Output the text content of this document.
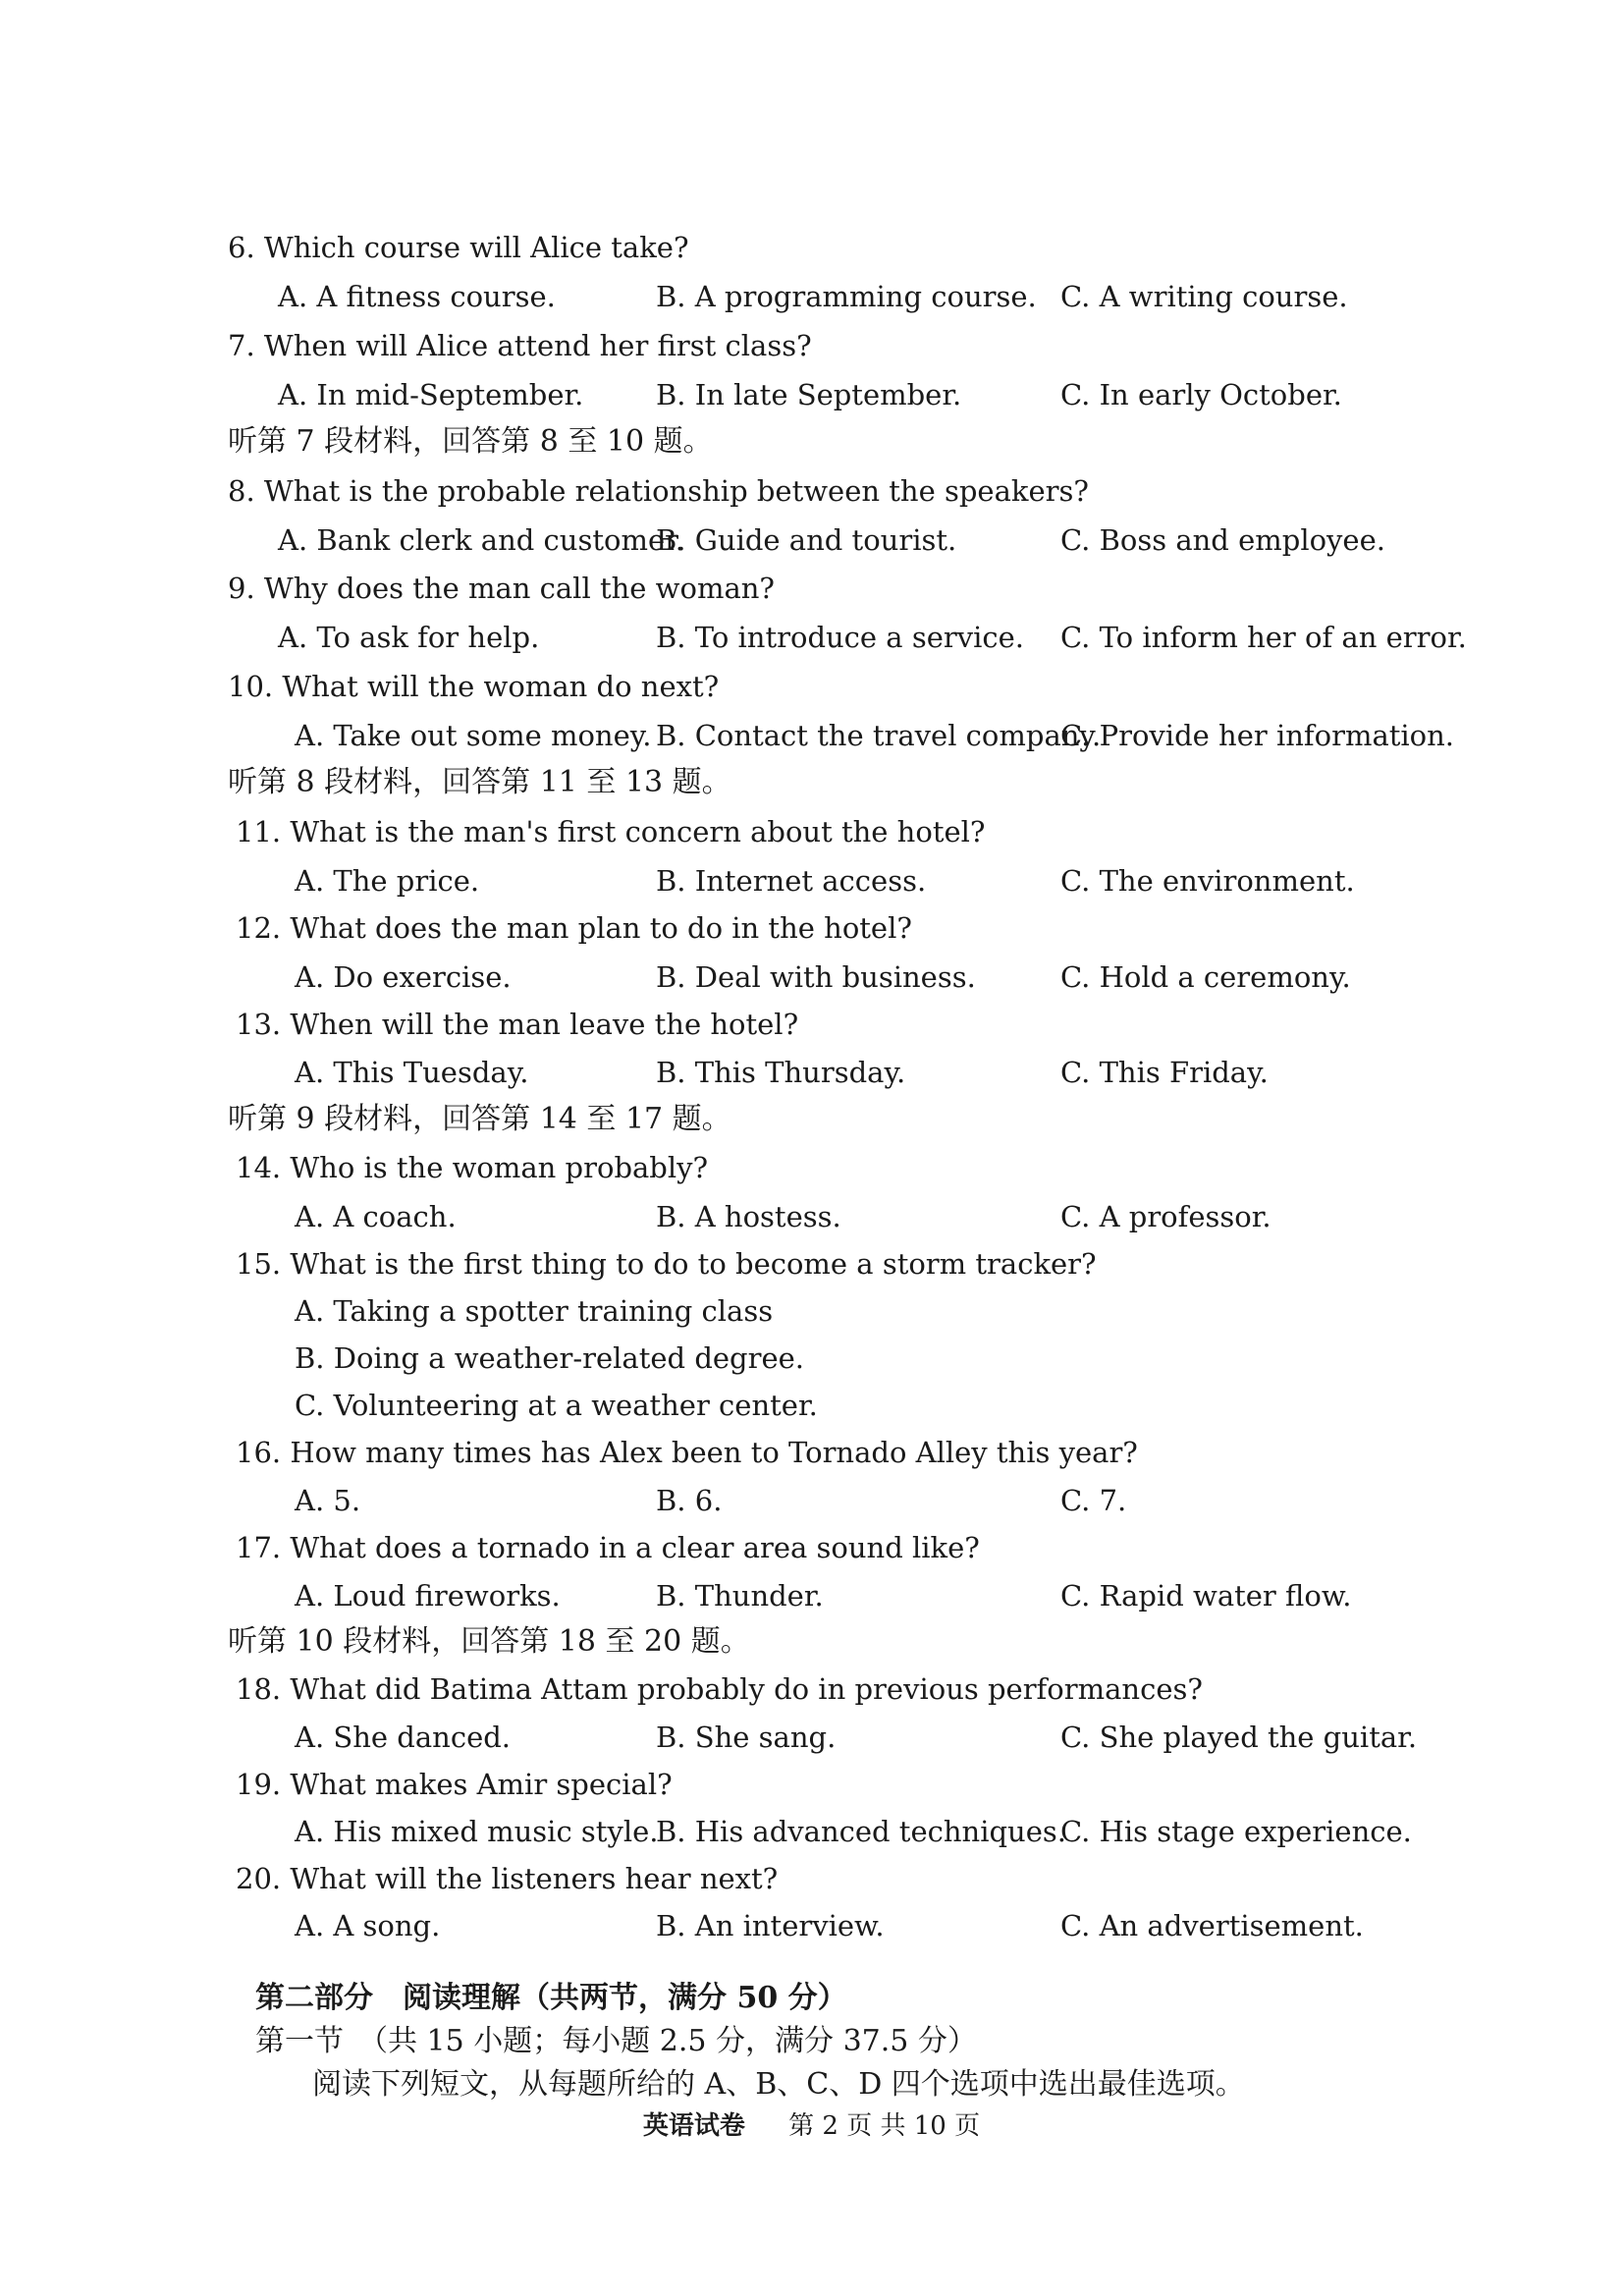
6. Which course will Alice take?
A. A fitness course.	B. A programming course. C. A writing course.
7. When will Alice attend her first class?
A. In mid-September.	B. In late September.	C. In early October.
听第 7 段材料，回答第 8 至 10 题。
8. What is the probable relationship between the speakers?
A. Bank clerk and customer.
B. Guide and tourist.	C. Boss and employee.
9. Why does the man call the woman?
A. To ask for help.	B. To introduce a service. C. To inform her of an error.
10. What will the woman do next?
A. Take out some money. B. Contact the travel company.
C. Provide her information.
听第 8 段材料，回答第 11 至 13 题。
11. What is the man's first concern about the hotel?
A. The price.	B. Internet access.	C. The environment.
12. What does the man plan to do in the hotel?
A. Do exercise.	B. Deal with business.	C. Hold a ceremony.
13. When will the man leave the hotel?
A. This Tuesday.	B. This Thursday.	C. This Friday.
听第 9 段材料，回答第 14 至 17 题。
14. Who is the woman probably?
A. A coach.	B. A hostess.	C. A professor.
15. What is the first thing to do to become a storm tracker?
A. Taking a spotter training class
B. Doing a weather-related degree.
C. Volunteering at a weather center.
16. How many times has Alex been to Tornado Alley this year?
A. 5.	B. 6.	C. 7.
17. What does a tornado in a clear area sound like?
A. Loud fireworks.	B. Thunder.	C. Rapid water flow.
听第 10 段材料，回答第 18 至 20 题。
18. What did Batima Attam probably do in previous performances?
A. She danced.	B. She sang.	C. She played the guitar.
19. What makes Amir special?
A. His mixed music style.
B. His advanced techniques.
C. His stage experience.
20. What will the listeners hear next?
A. A song.	B. An interview.	C. An advertisement.
第二部分　阅读理解（共两节，满分 50 分）
第一节　（共 15 小题；每小题 2.5 分，满分 37.5 分）
阅读下列短文，从每题所给的 A、B、C、D 四个选项中选出最佳选项。
英语试卷 第 2 页 共 10 页
